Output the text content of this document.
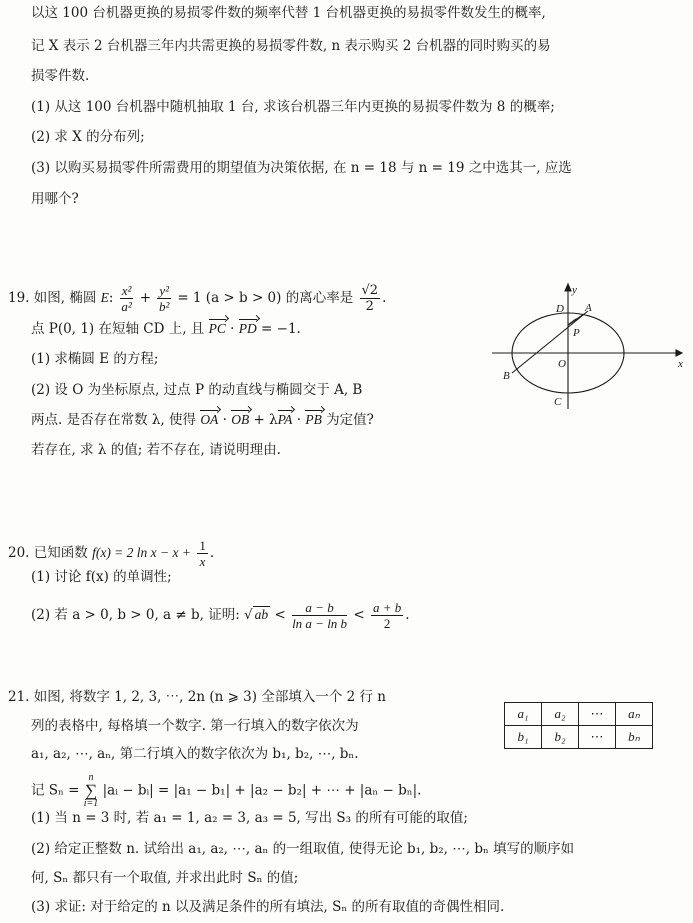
以这 100 台机器更换的易损零件数的频率代替 1 台机器更换的易损零件数发生的概率,
记 X 表示 2 台机器三年内共需更换的易损零件数, n 表示购买 2 台机器的同时购买的易
损零件数.
(1) 从这 100 台机器中随机抽取 1 台, 求该台机器三年内更换的易损零件数为 8 的概率;
(2) 求 X 的分布列;
(3) 以购买易损零件所需费用的期望值为决策依据, 在 n = 18 与 n = 19 之中选其一, 应选
用哪个?
19. 如图, 椭圆 E: $\frac{\text{x²}}{\text{a²}} + \frac{\text{y²}}{\text{b²}} = 1$ (a > b > 0) 的离心率是 $\frac{√2}{2}$ .
点 P(0, 1) 在短轴 CD 上, 且 PC · PD = −1.
(1) 求椭圆 E 的方程;
(2) 设 O 为坐标原点, 过点 P 的动直线与椭圆交于 A, B
两点. 是否存在常数 λ, 使得 OA · OB + λPA · PB 为定值?
若存在, 求 λ 的值; 若不存在, 请说明理由.
y
x
D A
P
O
B
C
20. 已知函数 f(x) = 2 $\ln x - x + \frac{1}{x}$ .
(1) 讨论 f(x) 的单调性;
(2) 若 a > 0, b > 0, a ≠ b, 证明: √ ab < $\frac{a - b}{\text{ln a − ln b}} < \frac{a + b}{2}$ .
21. 如图, 将数字 1, 2, 3, ⋯, 2n (n ⩾ 3) 全部填入一个 2 行 n
列的表格中, 每格填一个数字. 第一行填入的数字依次为
a₁, a₂, ⋯, aₙ, 第二行填入的数字依次为 b₁, b₂, ⋯, bₙ.
记 Sₙ =
n
∑
i=1
|aᵢ − bᵢ| = |a₁ − b₁| + |a₂ − b₂| + ⋯ + |aₙ − bₙ|.
(1) 当 n = 3 时, 若 a₁ = 1, a₂ = 3, a₃ = 5, 写出 S₃ 的所有可能的取值;
(2) 给定正整数 n. 试给出 a₁, a₂, ⋯, aₙ 的一组取值, 使得无论 b₁, b₂, ⋯, bₙ 填写的顺序如
何, Sₙ 都只有一个取值, 并求出此时 Sₙ 的值;
(3) 求证: 对于给定的 n 以及满足条件的所有填法, Sₙ 的所有取值的奇偶性相同.
a₁	a₂	⋯	aₙ
b₁	b₂	⋯	bₙ
